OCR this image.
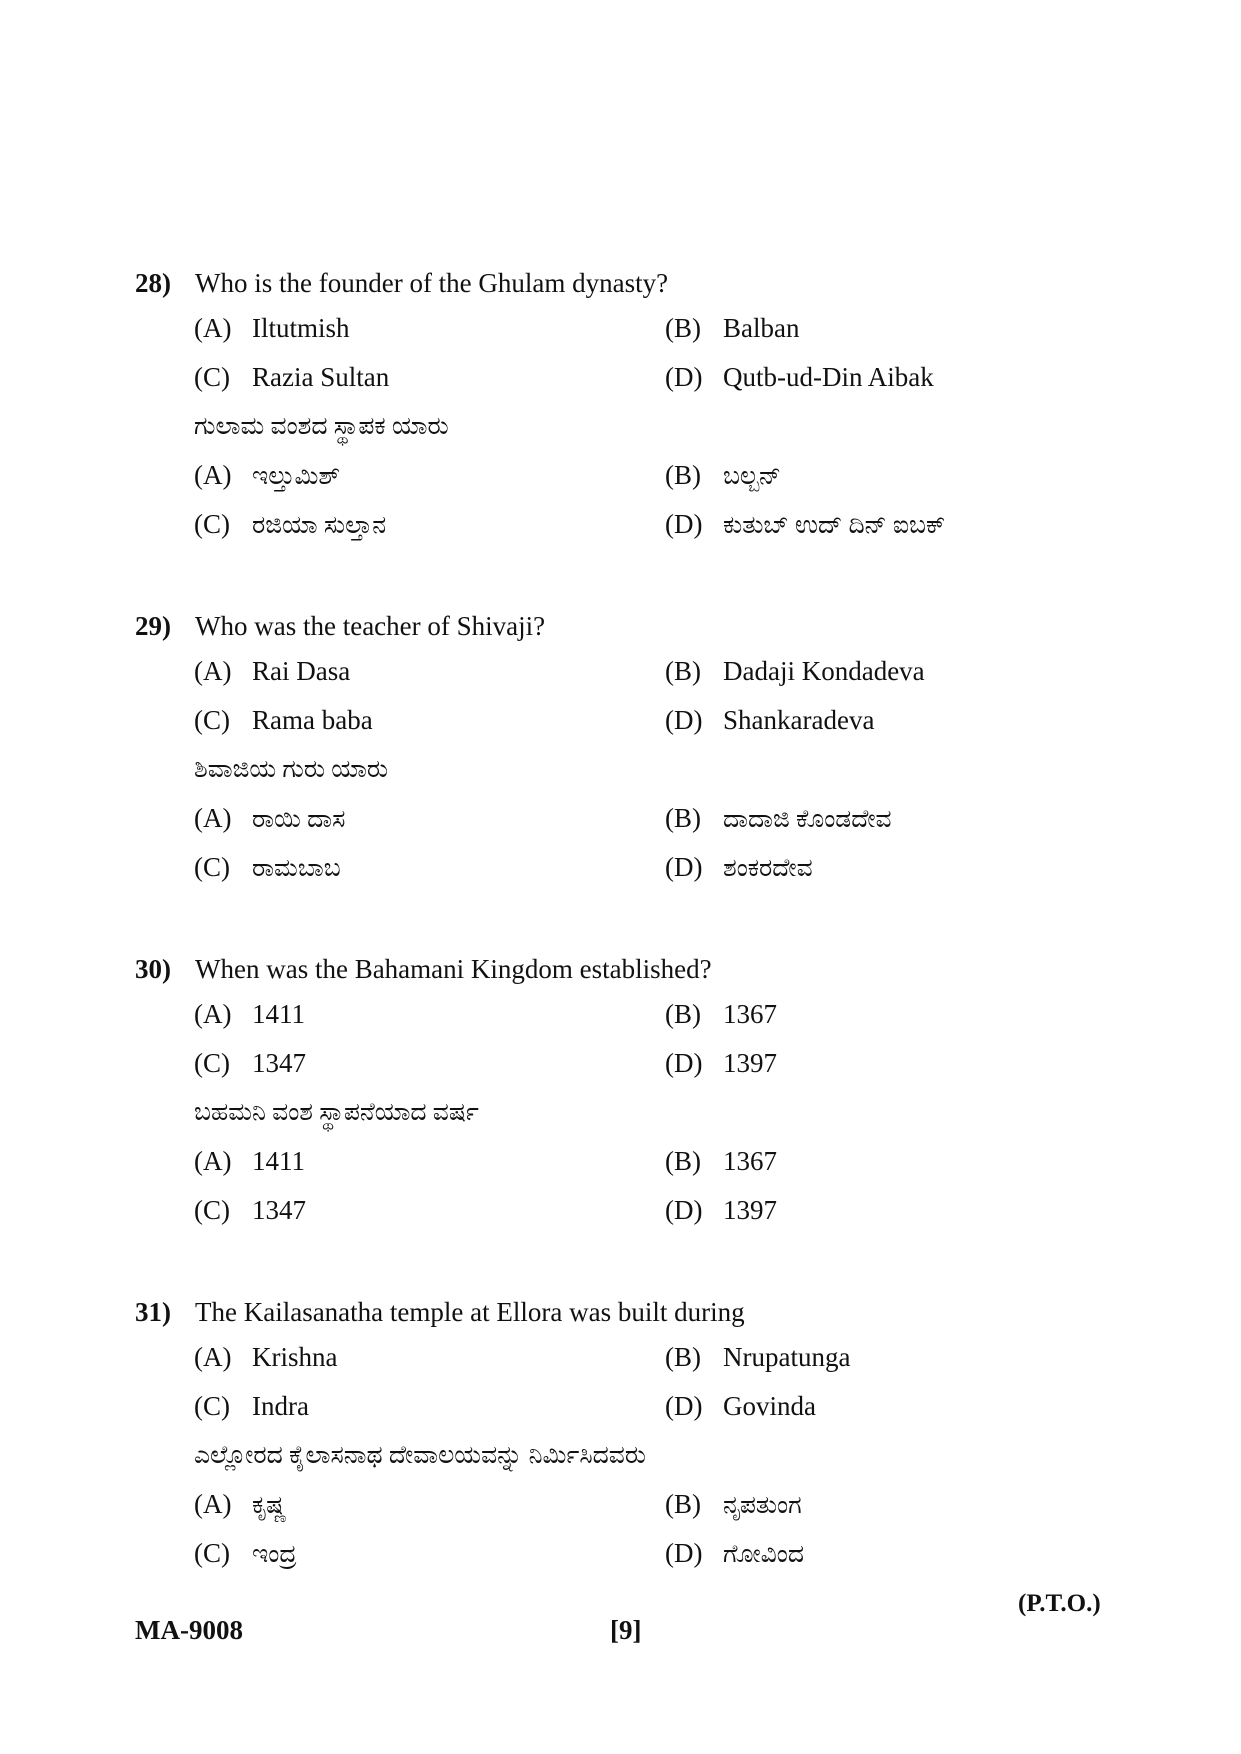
28) Who is the founder of the Ghulam dynasty?
(A) Iltutmish	(B) Balban
(C) Razia Sultan	(D) Qutb-ud-Din Aibak
ಗುಲಾಮ ವಂಶದ ಸ್ಥಾಪಕ ಯಾರು
(A) ಇಲ್ತುಮಿಶ್	(B) ಬಲ್ಬನ್
(C) ರಜಿಯಾ ಸುಲ್ತಾನ	(D) ಕುತುಬ್ ಉದ್ ದಿನ್ ಐಬಕ್
29) Who was the teacher of Shivaji?
(A) Rai Dasa	(B) Dadaji Kondadeva
(C) Rama baba	(D) Shankaradeva
ಶಿವಾಜಿಯ ಗುರು ಯಾರು
(A) ರಾಯಿ ದಾಸ	(B) ದಾದಾಜಿ ಕೊಂಡದೇವ
(C) ರಾಮಬಾಬ	(D) ಶಂಕರದೇವ
30) When was the Bahamani Kingdom established?
(A) 1411	(B) 1367
(C) 1347	(D) 1397
ಬಹಮನಿ ವಂಶ ಸ್ಥಾಪನೆಯಾದ ವರ್ಷ
(A) 1411	(B) 1367
(C) 1347	(D) 1397
31) The Kailasanatha temple at Ellora was built during
(A) Krishna	(B) Nrupatunga
(C) Indra	(D) Govinda
ಎಲ್ಲೋರದ ಕೈಲಾಸನಾಥ ದೇವಾಲಯವನ್ನು ನಿರ್ಮಿಸಿದವರು
(A) ಕೃಷ್ಣ	(B) ನೃಪತುಂಗ
(C) ಇಂದ್ರ	(D) ಗೋವಿಂದ
(P.T.O.)
MA-9008	[9]
